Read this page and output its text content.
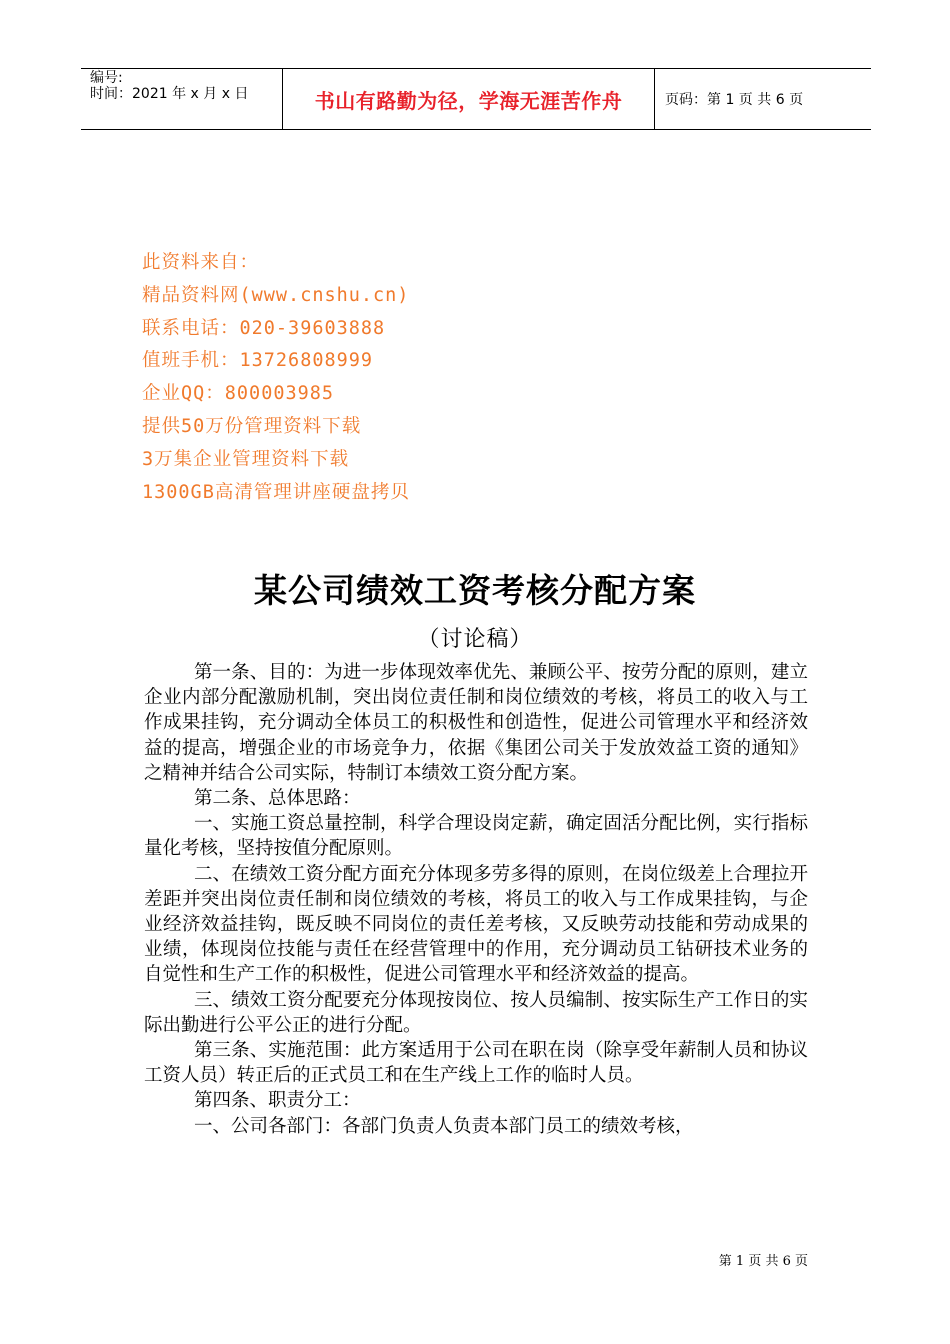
编号:
时间：2021 年 x 月 x 日	书山有路勤为径，学海无涯苦作舟	页码：第 1 页 共 6 页
此资料来自：
精品资料网(www.cnshu.cn)
联系电话：020-39603888
值班手机：13726808999
企业QQ：800003985
提供50万份管理资料下载
3万集企业管理资料下载
1300GB高清管理讲座硬盘拷贝
某公司绩效工资考核分配方案
（讨论稿）

第一条、目的：为进一步体现效率优先、兼顾公平、按劳分配的原则，建立企业内部分配激励机制，突出岗位责任制和岗位绩效的考核，将员工的收入与工作成果挂钩，充分调动全体员工的积极性和创造性，促进公司管理水平和经济效益的提高，增强企业的市场竞争力，依据《集团公司关于发放效益工资的通知》之精神并结合公司实际，特制订本绩效工资分配方案。

第二条、总体思路：

一、实施工资总量控制，科学合理设岗定薪，确定固活分配比例，实行指标量化考核，坚持按值分配原则。

二、在绩效工资分配方面充分体现多劳多得的原则，在岗位级差上合理拉开差距并突出岗位责任制和岗位绩效的考核，将员工的收入与工作成果挂钩，与企业经济效益挂钩，既反映不同岗位的责任差考核，又反映劳动技能和劳动成果的业绩，体现岗位技能与责任在经营管理中的作用，充分调动员工钻研技术业务的自觉性和生产工作的积极性，促进公司管理水平和经济效益的提高。

三、绩效工资分配要充分体现按岗位、按人员编制、按实际生产工作日的实际出勤进行公平公正的进行分配。

第三条、实施范围：此方案适用于公司在职在岗（除享受年薪制人员和协议工资人员）转正后的正式员工和在生产线上工作的临时人员。

第四条、职责分工：

一、公司各部门：各部门负责人负责本部门员工的绩效考核，

第 1 页 共 6 页
